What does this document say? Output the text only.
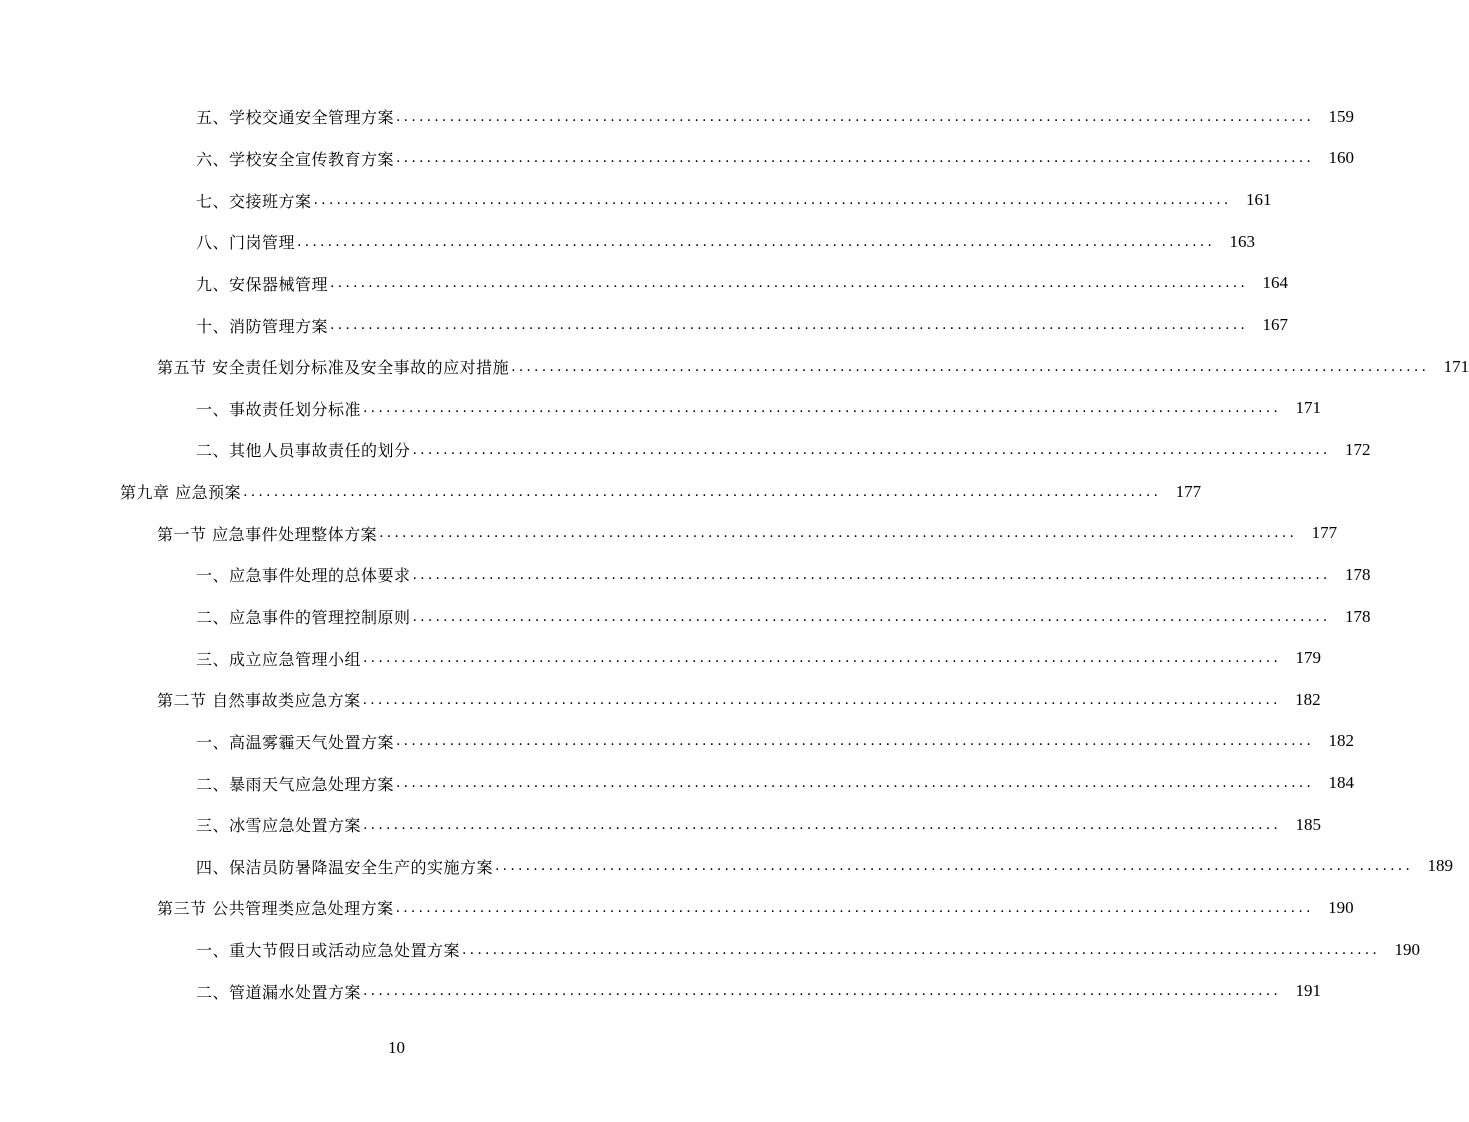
五、学校交通安全管理方案 ........................................................................................................................ 159
六、学校安全宣传教育方案 ........................................................................................................................ 160
七、交接班方案 ........................................................................................................................ 161
八、门岗管理 ........................................................................................................................ 163
九、安保器械管理 ........................................................................................................................ 164
十、消防管理方案 ........................................................................................................................ 167
第五节 安全责任划分标准及安全事故的应对措施 ........................................................................................................................ 171
一、事故责任划分标准 ........................................................................................................................ 171
二、其他人员事故责任的划分 ........................................................................................................................ 172
第九章 应急预案 ........................................................................................................................ 177
第一节 应急事件处理整体方案 ........................................................................................................................ 177
一、应急事件处理的总体要求 ........................................................................................................................ 178
二、应急事件的管理控制原则 ........................................................................................................................ 178
三、成立应急管理小组 ........................................................................................................................ 179
第二节 自然事故类应急方案 ........................................................................................................................ 182
一、高温雾霾天气处置方案 ........................................................................................................................ 182
二、暴雨天气应急处理方案 ........................................................................................................................ 184
三、冰雪应急处置方案 ........................................................................................................................ 185
四、保洁员防暑降温安全生产的实施方案 ........................................................................................................................ 189
第三节 公共管理类应急处理方案 ........................................................................................................................ 190
一、重大节假日或活动应急处置方案 ........................................................................................................................ 190
二、管道漏水处置方案 ........................................................................................................................ 191
10
